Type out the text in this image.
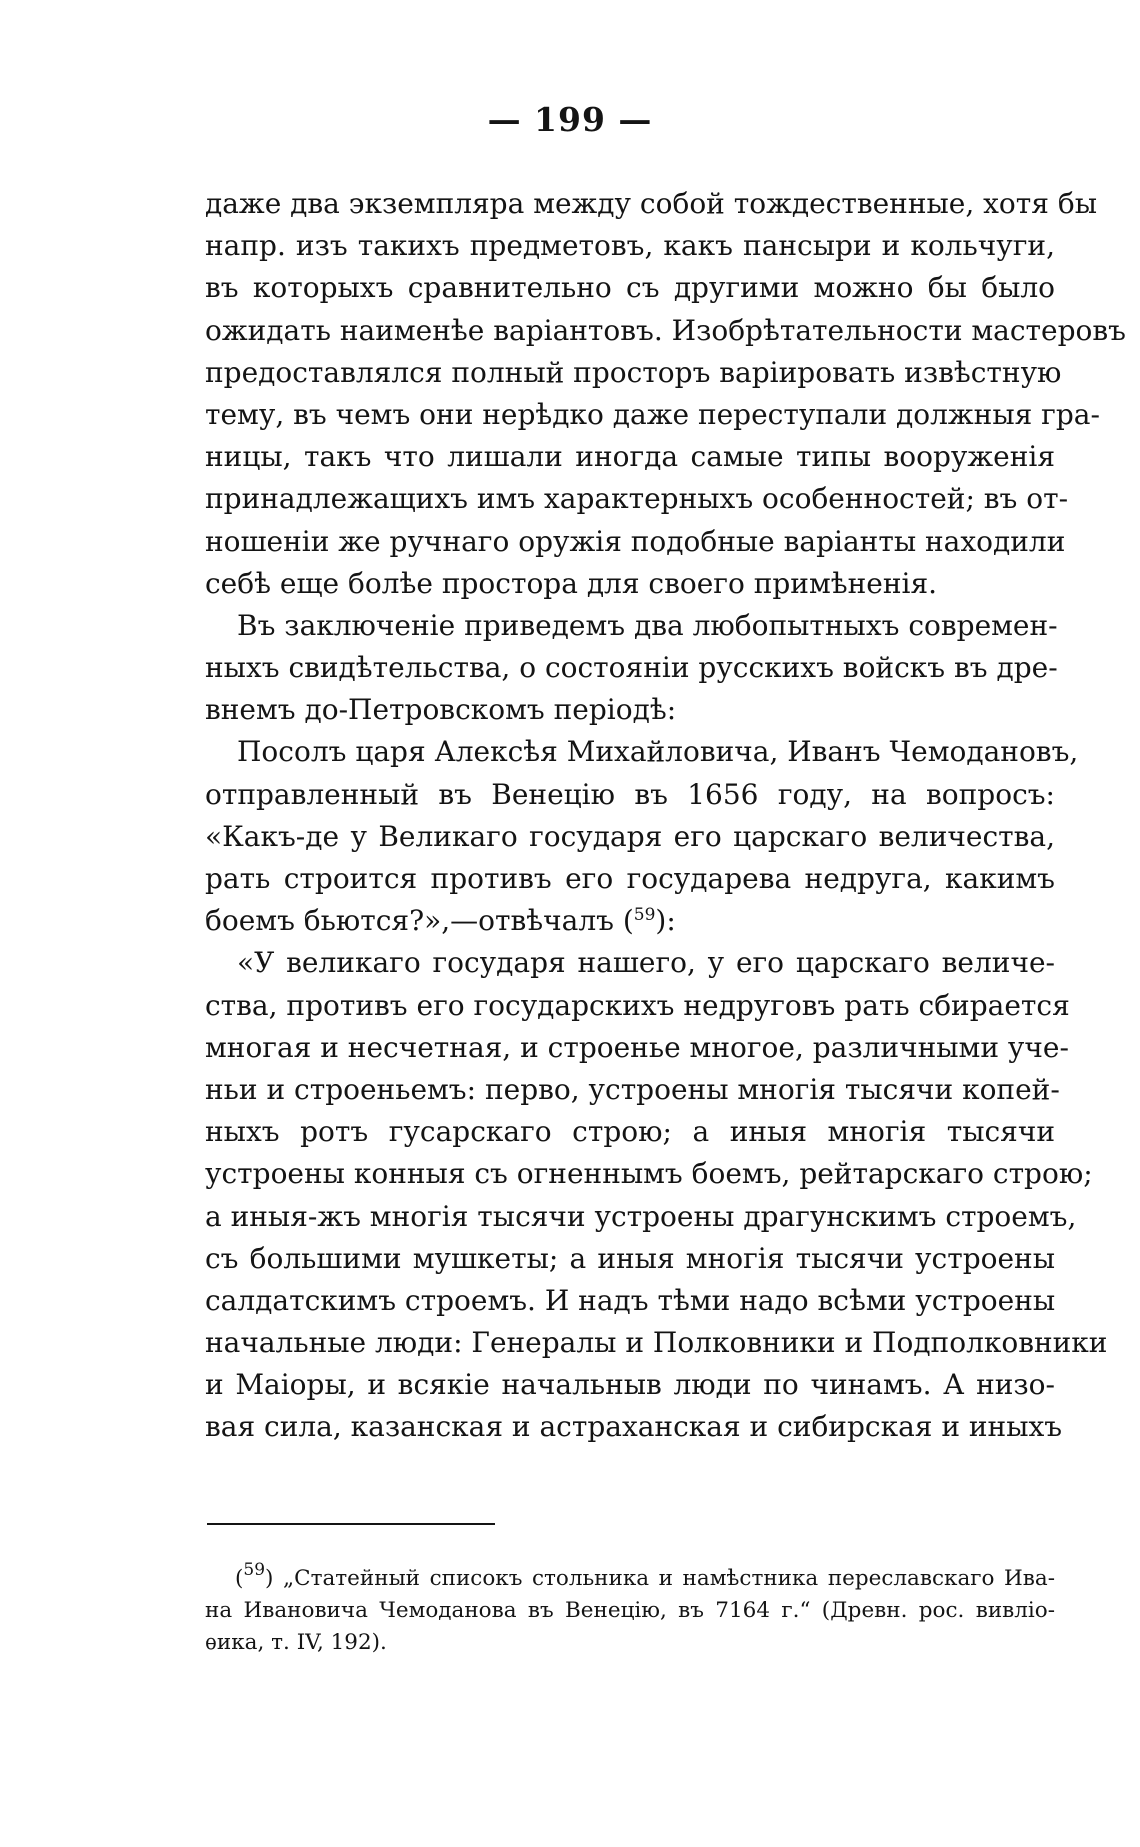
— 199 —
даже два экземпляра между собой тождественные, хотя бы
напр. изъ такихъ предметовъ, какъ пансыри и кольчуги,
въ которыхъ сравнительно съ другими можно бы было
ожидать наименѣе варiантовъ. Изобрѣтательности мастеровъ
предоставлялся полный просторъ варiировать извѣстную
тему, въ чемъ они нерѣдко даже переступали должныя гра-
ницы, такъ что лишали иногда самые типы вооруженiя
принадлежащихъ имъ характерныхъ особенностей; въ от-
ношенiи же ручнаго оружiя подобные варiанты находили
себѣ еще болѣе простора для своего примѣненiя.
Въ заключенiе приведемъ два любопытныхъ современ-
ныхъ свидѣтельства, о состоянiи русскихъ войскъ въ дре-
внемъ до-Петровскомъ перiодѣ:
Посолъ царя Алексѣя Михайловича, Иванъ Чемодановъ,
отправленный въ Венецiю въ 1656 году, на вопросъ:
«Какъ-де у Великаго государя его царскаго величества,
рать строится противъ его государева недруга, какимъ
боемъ бьются?»,—отвѣчалъ ($^{59}$):
«У великаго государя нашего, у его царскаго величе-
ства, противъ его государскихъ недруговъ рать сбирается
многая и несчетная, и строенье многое, различными уче-
ньи и строеньемъ: перво, устроены многiя тысячи копей-
ныхъ ротъ гусарскаго строю; а иныя многiя тысячи
устроены конныя съ огненнымъ боемъ, рейтарскаго строю;
а иныя-жъ многiя тысячи устроены драгунскимъ строемъ,
съ большими мушкеты; а иныя многiя тысячи устроены
салдатскимъ строемъ. И надъ тѣми надо всѣми устроены
начальные люди: Генералы и Полковники и Подполковники
и Маiоры, и всякiе начальныв люди по чинамъ. А низо-
вая сила, казанская и астраханская и сибирская и иныхъ
($^{59}$) „Статейный списокъ стольника и намѣстника переславскаго Ива-
на Ивановича Чемоданова въ Венецiю, въ 7164 г.“ (Древн. рос. вивлiо-
ѳика, т. IV, 192).
